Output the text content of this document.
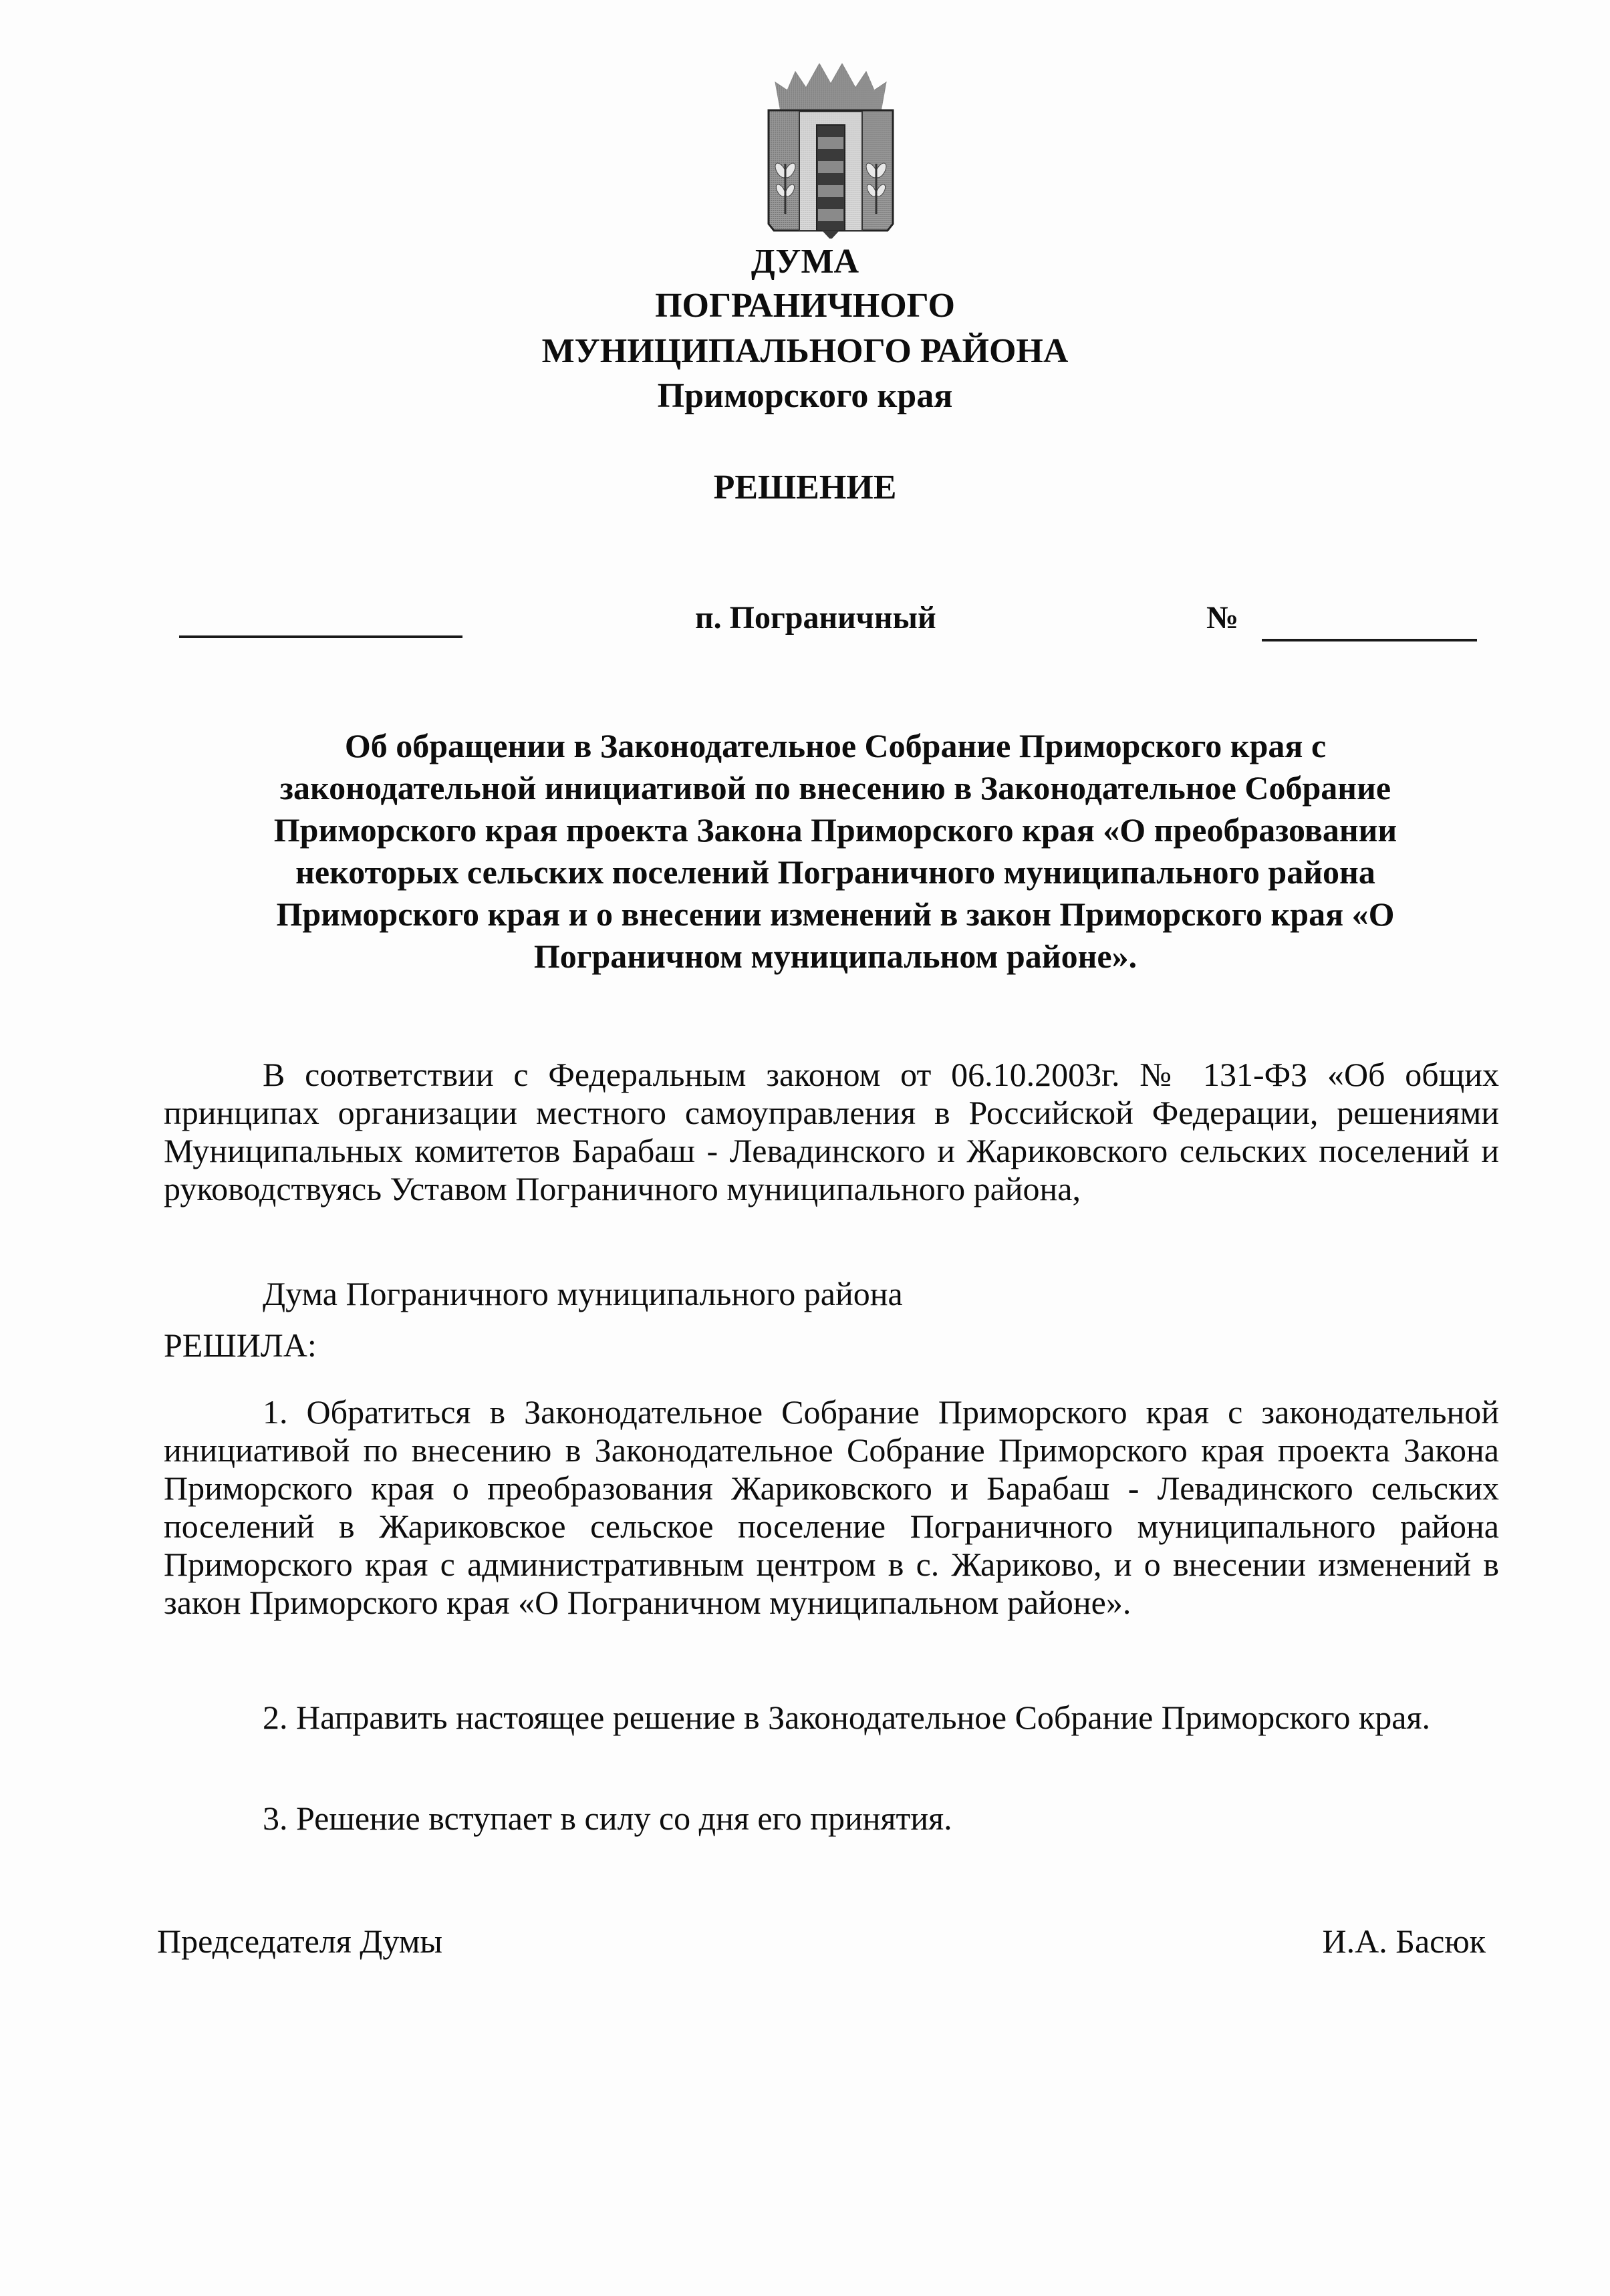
ДУМА
ПОГРАНИЧНОГО
МУНИЦИПАЛЬНОГО РАЙОНА
Приморского края
РЕШЕНИЕ
п. Пограничный	№
Об обращении в Законодательное Собрание Приморского края с
законодательной инициативой по внесению в Законодательное Собрание
Приморского края проекта Закона Приморского края «О преобразовании
некоторых сельских поселений Пограничного муниципального района
Приморского края и о внесении изменений в закон Приморского края «О
Пограничном муниципальном районе».

В соответствии с Федеральным законом от 06.10.2003г. № 131-ФЗ «Об общих принципах организации местного самоуправления в Российской Федерации, решениями Муниципальных комитетов Барабаш - Левадинского и Жариковского сельских поселений и руководствуясь Уставом Пограничного муниципального района,

Дума Пограничного муниципального района

РЕШИЛА:

1. Обратиться в Законодательное Собрание Приморского края с законодательной инициативой по внесению в Законодательное Собрание Приморского края проекта Закона Приморского края о преобразования Жариковского и Барабаш - Левадинского сельских поселений в Жариковское сельское поселение Пограничного муниципального района Приморского края с административным центром в с. Жариково, и о внесении изменений в закон Приморского края «О Пограничном муниципальном районе».

2. Направить настоящее решение в Законодательное Собрание Приморского края.

3. Решение вступает в силу со дня его принятия.

Председателя Думы	И.А. Басюк
